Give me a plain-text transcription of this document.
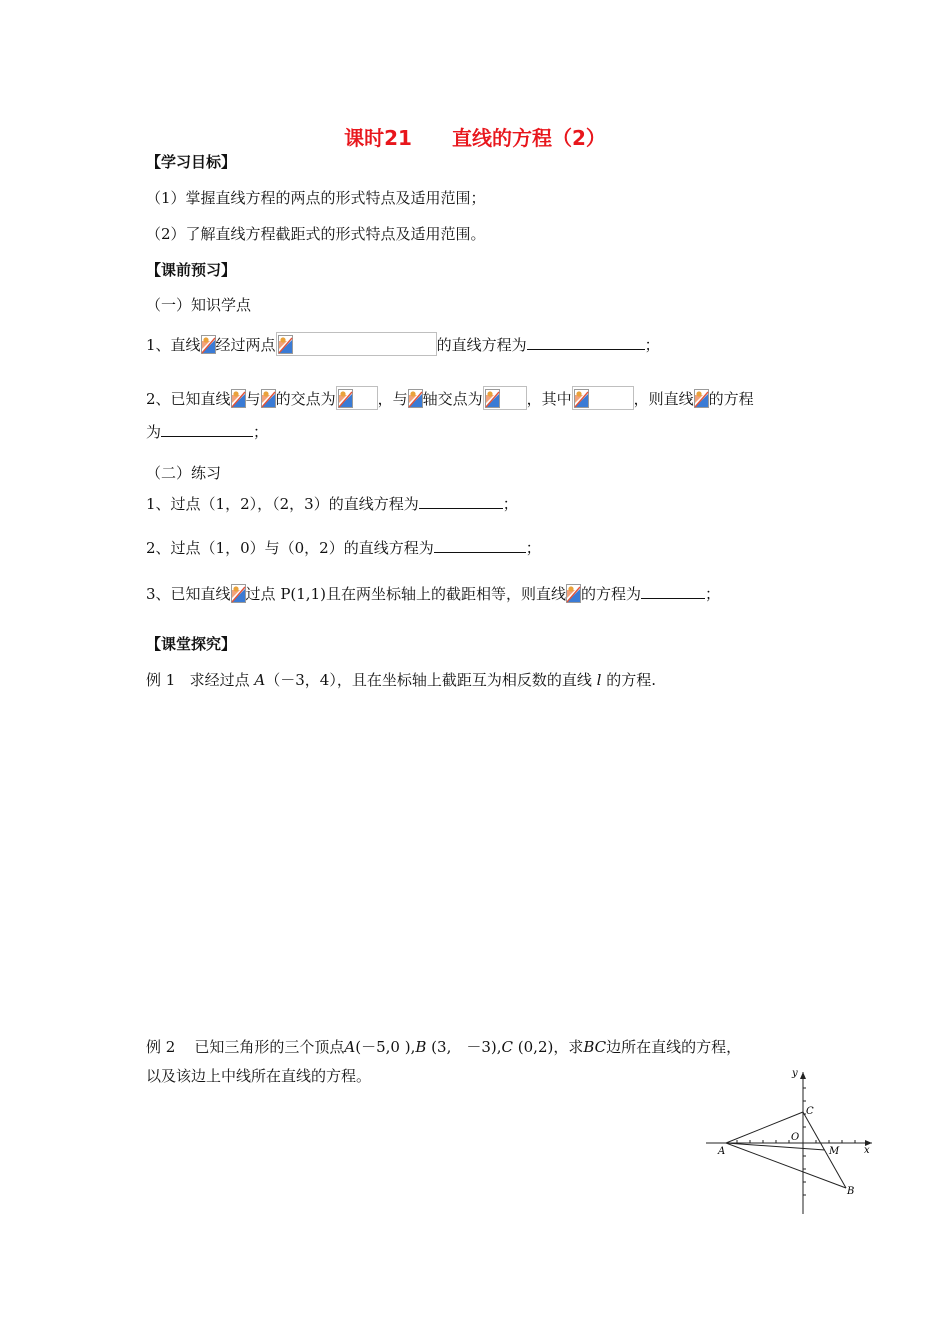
课时21　　直线的方程（2）
【学习目标】
（1）掌握直线方程的两点的形式特点及适用范围；
（2）了解直线方程截距式的形式特点及适用范围。
【课前预习】
（一）知识学点
1、直线 经过两点	的直线方程为	；
2、已知直线 与 的交点为	，与 轴交点为	，其中	，则直线 的方程
为	；
（二）练习
1、过点（1，2），（2，3）的直线方程为	；
2、过点（1，0）与（0，2）的直线方程为	；
3、已知直线 过点 P(1,1)且在两坐标轴上的截距相等，则直线 的方程为	；
【课堂探究】
例 1 求经过点 A（－3，4），且在坐标轴上截距互为相反数的直线 l 的方程.
例 2 已知三角形的三个顶点A(－5,0 ),B (3,　－3),C (0,2)，求BC边所在直线的方程，
以及该边上中线所在直线的方程。	y
x
O
A
C
M
B
